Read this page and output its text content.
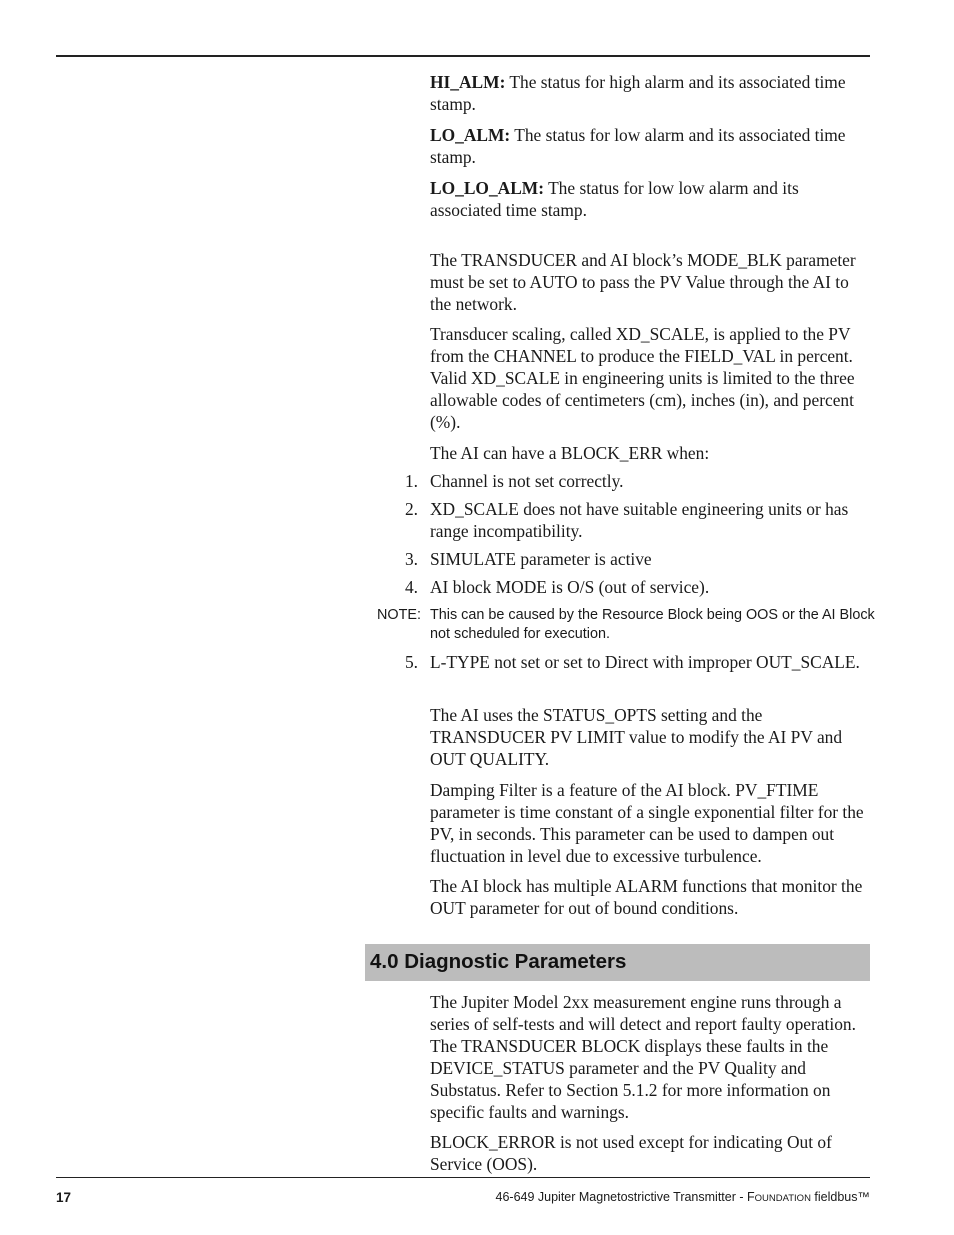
HI_ALM: The status for high alarm and its associated time stamp.

LO_ALM: The status for low alarm and its associated time stamp.

LO_LO_ALM: The status for low low alarm and its associated time stamp.

The TRANSDUCER and AI block’s MODE_BLK parameter must be set to AUTO to pass the PV Value through the AI to the network.

Transducer scaling, called XD_SCALE, is applied to the PV from the CHANNEL to produce the FIELD_VAL in percent. Valid XD_SCALE in engineering units is limited to the three allowable codes of centimeters (cm), inches (in), and percent (%).

The AI can have a BLOCK_ERR when:

1. Channel is not set correctly.
2. XD_SCALE does not have suitable engineering units or has range incompatibility.
3. SIMULATE parameter is active
4. AI block MODE is O/S (out of service).
NOTE: This can be caused by the Resource Block being OOS or the AI Block not scheduled for execution.
5. L-TYPE not set or set to Direct with improper OUT_SCALE.

The AI uses the STATUS_OPTS setting and the TRANSDUCER PV LIMIT value to modify the AI PV and OUT QUALITY.

Damping Filter is a feature of the AI block. PV_FTIME parameter is time constant of a single exponential filter for the PV, in seconds. This parameter can be used to dampen out fluctuation in level due to excessive turbulence.

The AI block has multiple ALARM functions that monitor the OUT parameter for out of bound conditions.

4.0 Diagnostic Parameters

The Jupiter Model 2xx measurement engine runs through a series of self-tests and will detect and report faulty operation. The TRANSDUCER BLOCK displays these faults in the DEVICE_STATUS parameter and the PV Quality and Substatus. Refer to Section 5.1.2 for more information on specific faults and warnings.

BLOCK_ERROR is not used except for indicating Out of Service (OOS).

17	46-649 Jupiter Magnetostrictive Transmitter - FOUNDATION fieldbus™
